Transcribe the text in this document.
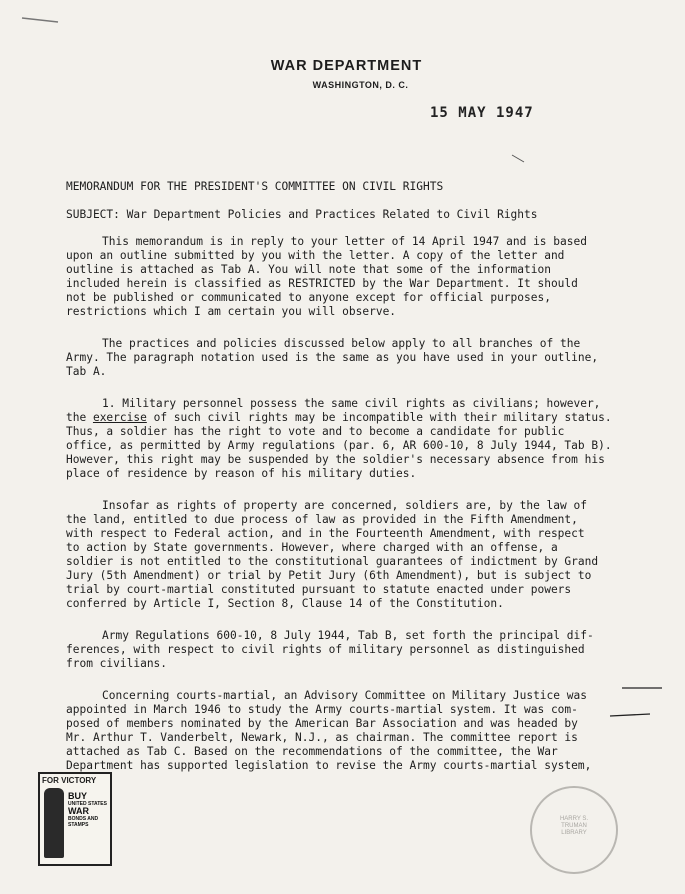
WAR DEPARTMENT
WASHINGTON, D. C.
15 MAY 1947
MEMORANDUM FOR THE PRESIDENT'S COMMITTEE ON CIVIL RIGHTS
SUBJECT: War Department Policies and Practices Related to Civil Rights

This memorandum is in reply to your letter of 14 April 1947 and is based
upon an outline submitted by you with the letter. A copy of the letter and
outline is attached as Tab A. You will note that some of the information
included herein is classified as RESTRICTED by the War Department. It should
not be published or communicated to anyone except for official purposes,
restrictions which I am certain you will observe.

The practices and policies discussed below apply to all branches of the
Army. The paragraph notation used is the same as you have used in your outline,
Tab A.

1. Military personnel possess the same civil rights as civilians; however,
the exercise of such civil rights may be incompatible with their military status.
Thus, a soldier has the right to vote and to become a candidate for public
office, as permitted by Army regulations (par. 6, AR 600-10, 8 July 1944, Tab B).
However, this right may be suspended by the soldier's necessary absence from his
place of residence by reason of his military duties.

Insofar as rights of property are concerned, soldiers are, by the law of
the land, entitled to due process of law as provided in the Fifth Amendment,
with respect to Federal action, and in the Fourteenth Amendment, with respect
to action by State governments. However, where charged with an offense, a
soldier is not entitled to the constitutional guarantees of indictment by Grand
Jury (5th Amendment) or trial by Petit Jury (6th Amendment), but is subject to
trial by court-martial constituted pursuant to statute enacted under powers
conferred by Article I, Section 8, Clause 14 of the Constitution.

Army Regulations 600-10, 8 July 1944, Tab B, set forth the principal dif-
ferences, with respect to civil rights of military personnel as distinguished
from civilians.

Concerning courts-martial, an Advisory Committee on Military Justice was
appointed in March 1946 to study the Army courts-martial system. It was com-
posed of members nominated by the American Bar Association and was headed by
Mr. Arthur T. Vanderbelt, Newark, N.J., as chairman. The committee report is
attached as Tab C. Based on the recommendations of the committee, the War
Department has supported legislation to revise the Army courts-martial system,

FOR VICTORY
BUY
UNITED STATES
WAR
BONDS AND
STAMPS
HARRY S. TRUMAN LIBRARY
